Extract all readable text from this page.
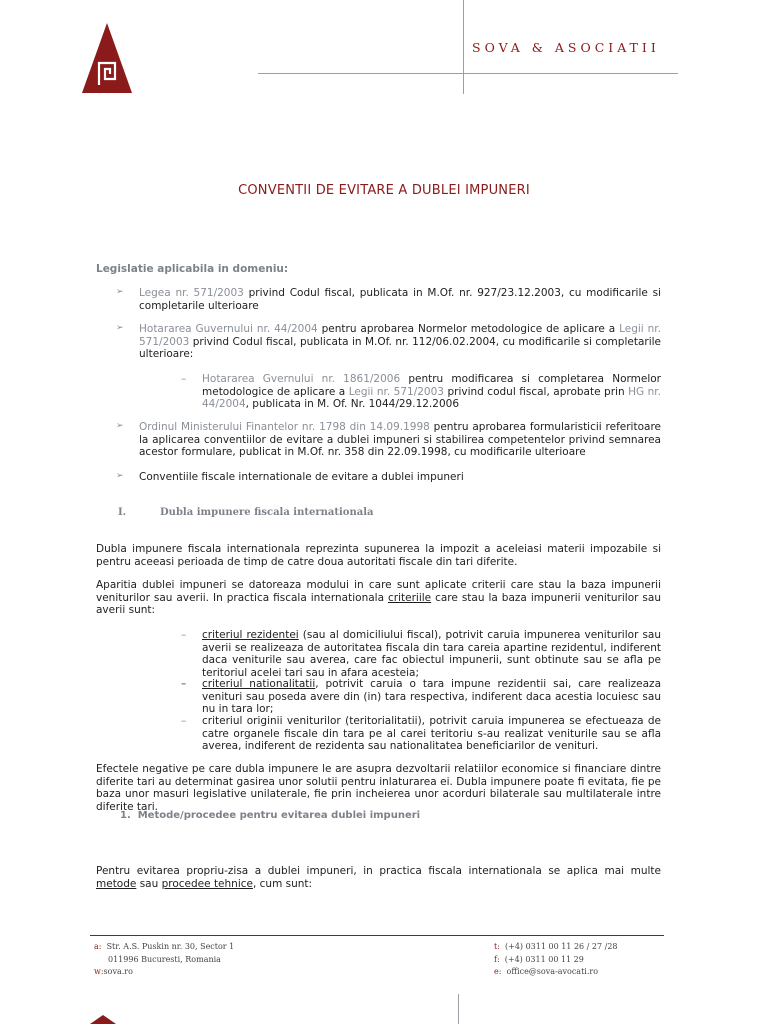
SOVA & ASOCIATII
CONVENTII DE EVITARE A DUBLEI IMPUNERI
Legislatie aplicabila in domeniu:
➢ Legea nr. 571/2003 privind Codul fiscal, publicata in M.Of. nr. 927/23.12.2003, cu modificarile si completarile ulterioare
➢ Hotararea Guvernului nr. 44/2004 pentru aprobarea Normelor metodologice de aplicare a Legii nr. 571/2003 privind Codul fiscal, publicata in M.Of. nr. 112/06.02.2004, cu modificarile si completarile ulterioare:
– Hotararea Gvernului nr. 1861/2006 pentru modificarea si completarea Normelor metodologice de aplicare a Legii nr. 571/2003 privind codul fiscal, aprobate prin HG nr. 44/2004, publicata in M. Of. Nr. 1044/29.12.2006
➢ Ordinul Ministerului Finantelor nr. 1798 din 14.09.1998 pentru aprobarea formularisticii referitoare la aplicarea conventiilor de evitare a dublei impuneri si stabilirea competentelor privind semnarea acestor formulare, publicat in M.Of. nr. 358 din 22.09.1998, cu modificarile ulterioare
➢ Conventiile fiscale internationale de evitare a dublei impuneri
I.	Dubla impunere fiscala internationala

Dubla impunere fiscala internationala reprezinta supunerea la impozit a aceleiasi materii impozabile si pentru aceeasi perioada de timp de catre doua autoritati fiscale din tari diferite.

Aparitia dublei impuneri se datoreaza modului in care sunt aplicate criterii care stau la baza impunerii veniturilor sau averii. In practica fiscala internationala criteriile care stau la baza impunerii veniturilor sau averii sunt:
– criteriul rezidentei (sau al domiciliului fiscal), potrivit caruia impunerea veniturilor sau averii se realizeaza de autoritatea fiscala din tara careia apartine rezidentul, indiferent daca veniturile sau averea, care fac obiectul impunerii, sunt obtinute sau se afla pe teritoriul acelei tari sau in afara acesteia;
– criteriul nationalitatii, potrivit caruia o tara impune rezidentii sai, care realizeaza venituri sau poseda avere din (in) tara respectiva, indiferent daca acestia locuiesc sau nu in tara lor;
– criteriul originii veniturilor (teritorialitatii), potrivit caruia impunerea se efectueaza de catre organele fiscale din tara pe al carei teritoriu s-au realizat veniturile sau se afla averea, indiferent de rezidenta sau nationalitatea beneficiarilor de venituri.

Efectele negative pe care dubla impunere le are asupra dezvoltarii relatiilor economice si financiare dintre diferite tari au determinat gasirea unor solutii pentru inlaturarea ei. Dubla impunere poate fi evitata, fie pe baza unor masuri legislative unilaterale, fie prin incheierea unor acorduri bilaterale sau multilaterale intre diferite tari.

1. Metode/procedee pentru evitarea dublei impuneri
Pentru evitarea propriu-zisa a dublei impuneri, in practica fiscala internationala se aplica mai multe metode sau procedee tehnice, cum sunt:
a: Str. A.S. Puskin nr. 30, Sector 1
011996 Bucuresti, Romania
w:sova.ro
t: (+4) 0311 00 11 26 / 27 /28
f: (+4) 0311 00 11 29
e: office@sova-avocati.ro
